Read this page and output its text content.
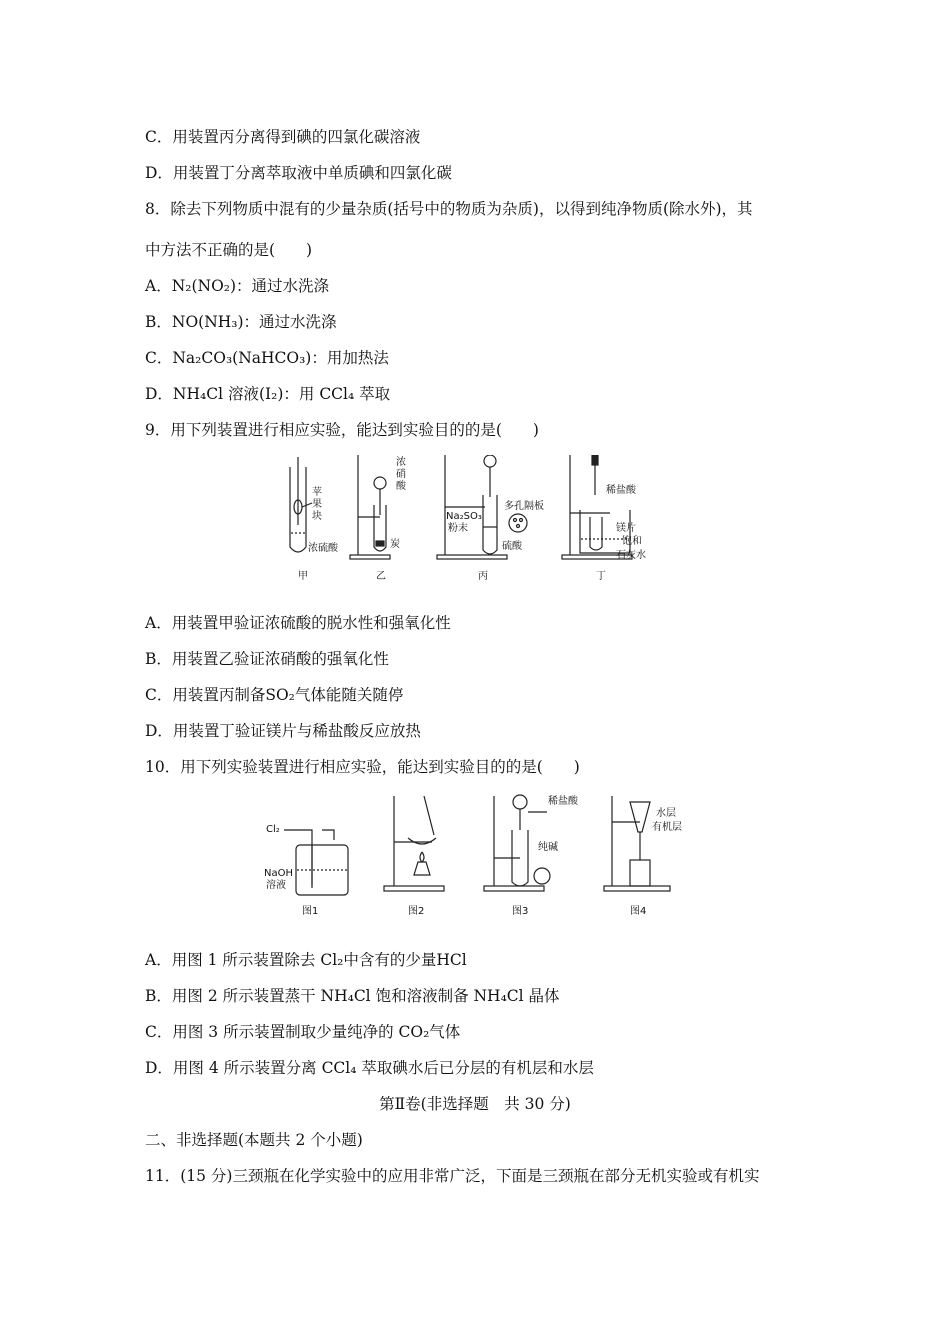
C．用装置丙分离得到碘的四氯化碳溶液
D．用装置丁分离萃取液中单质碘和四氯化碳
8．除去下列物质中混有的少量杂质(括号中的物质为杂质)，以得到纯净物质(除水外)，其
中方法不正确的是(　　)
A．N₂(NO₂)：通过水洗涤
B．NO(NH₃)：通过水洗涤
C．Na₂CO₃(NaHCO₃)：用加热法
D．NH₄Cl 溶液(I₂)：用 CCl₄ 萃取
9．用下列装置进行相应实验，能达到实验目的的是(　　)
苹
果
块
浓硫酸
浓
硝
酸
炭
Na₂SO₃
粉末
多孔隔板
硫酸
稀盐酸
镁片
饱和
石灰水
甲	乙	丙	丁
A．用装置甲验证浓硫酸的脱水性和强氧化性
B．用装置乙验证浓硝酸的强氧化性
C．用装置丙制备SO₂气体能随关随停
D．用装置丁验证镁片与稀盐酸反应放热
10．用下列实验装置进行相应实验，能达到实验目的的是(　　)
Cl₂
NaOH
溶液
稀盐酸
纯碱
水层
有机层
图1	图2	图3	图4
A．用图 1 所示装置除去 Cl₂中含有的少量HCl
B．用图 2 所示装置蒸干 NH₄Cl 饱和溶液制备 NH₄Cl 晶体
C．用图 3 所示装置制取少量纯净的 CO₂气体
D．用图 4 所示装置分离 CCl₄ 萃取碘水后已分层的有机层和水层
第Ⅱ卷(非选择题　共 30 分)
二、非选择题(本题共 2 个小题)
11．(15 分)三颈瓶在化学实验中的应用非常广泛，下面是三颈瓶在部分无机实验或有机实
